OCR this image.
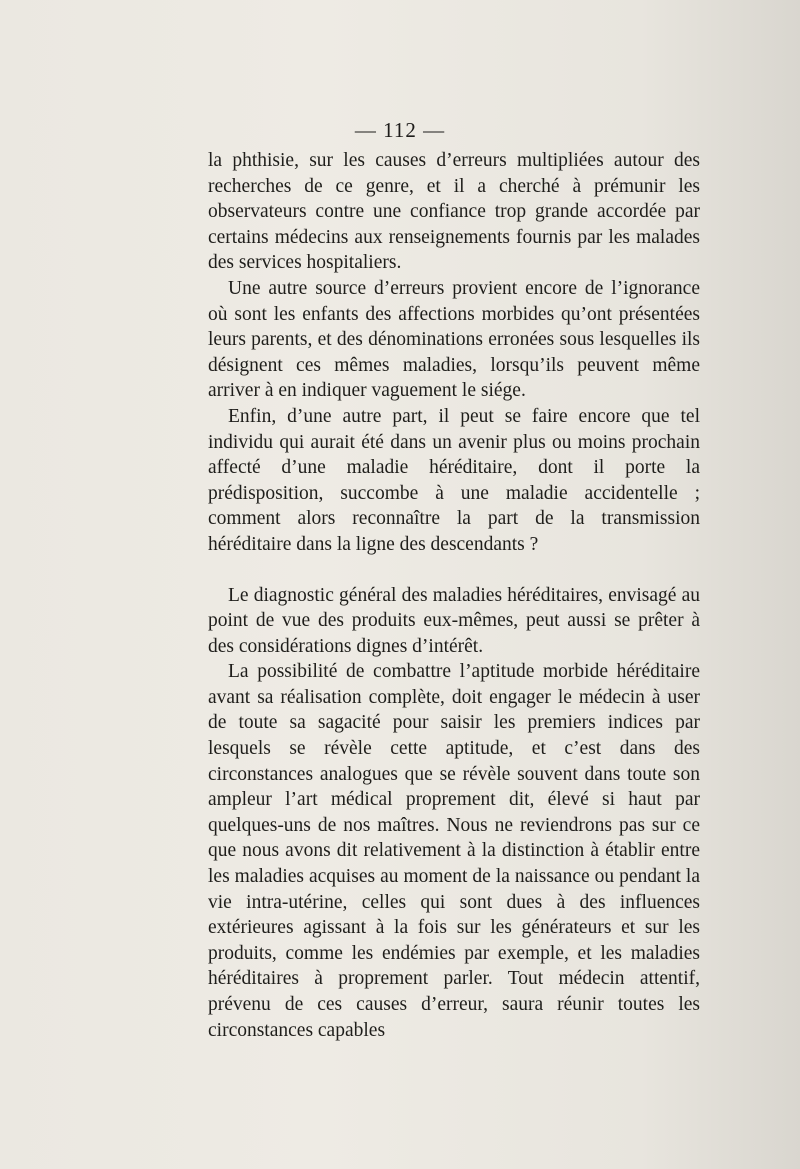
— 112 —

la phthisie, sur les causes d’erreurs multipliées autour des recherches de ce genre, et il a cherché à prémunir les observateurs contre une confiance trop grande accordée par certains médecins aux renseignements fournis par les malades des services hospitaliers.

Une autre source d’erreurs provient encore de l’ignorance où sont les enfants des affections morbides qu’ont présentées leurs parents, et des dénominations erronées sous lesquelles ils désignent ces mêmes maladies, lorsqu’ils peuvent même arriver à en indiquer vaguement le siége.

Enfin, d’une autre part, il peut se faire encore que tel individu qui aurait été dans un avenir plus ou moins prochain affecté d’une maladie héréditaire, dont il porte la prédisposition, succombe à une maladie accidentelle ; comment alors reconnaître la part de la transmission héréditaire dans la ligne des descendants ?

Le diagnostic général des maladies héréditaires, envisagé au point de vue des produits eux-mêmes, peut aussi se prêter à des considérations dignes d’intérêt.

La possibilité de combattre l’aptitude morbide héréditaire avant sa réalisation complète, doit engager le médecin à user de toute sa sagacité pour saisir les premiers indices par lesquels se révèle cette aptitude, et c’est dans des circonstances analogues que se révèle souvent dans toute son ampleur l’art médical proprement dit, élevé si haut par quelques-uns de nos maîtres. Nous ne reviendrons pas sur ce que nous avons dit relativement à la distinction à établir entre les maladies acquises au moment de la naissance ou pendant la vie intra-utérine, celles qui sont dues à des influences extérieures agissant à la fois sur les générateurs et sur les produits, comme les endémies par exemple, et les maladies héréditaires à proprement parler. Tout médecin attentif, prévenu de ces causes d’erreur, saura réunir toutes les circonstances capables
